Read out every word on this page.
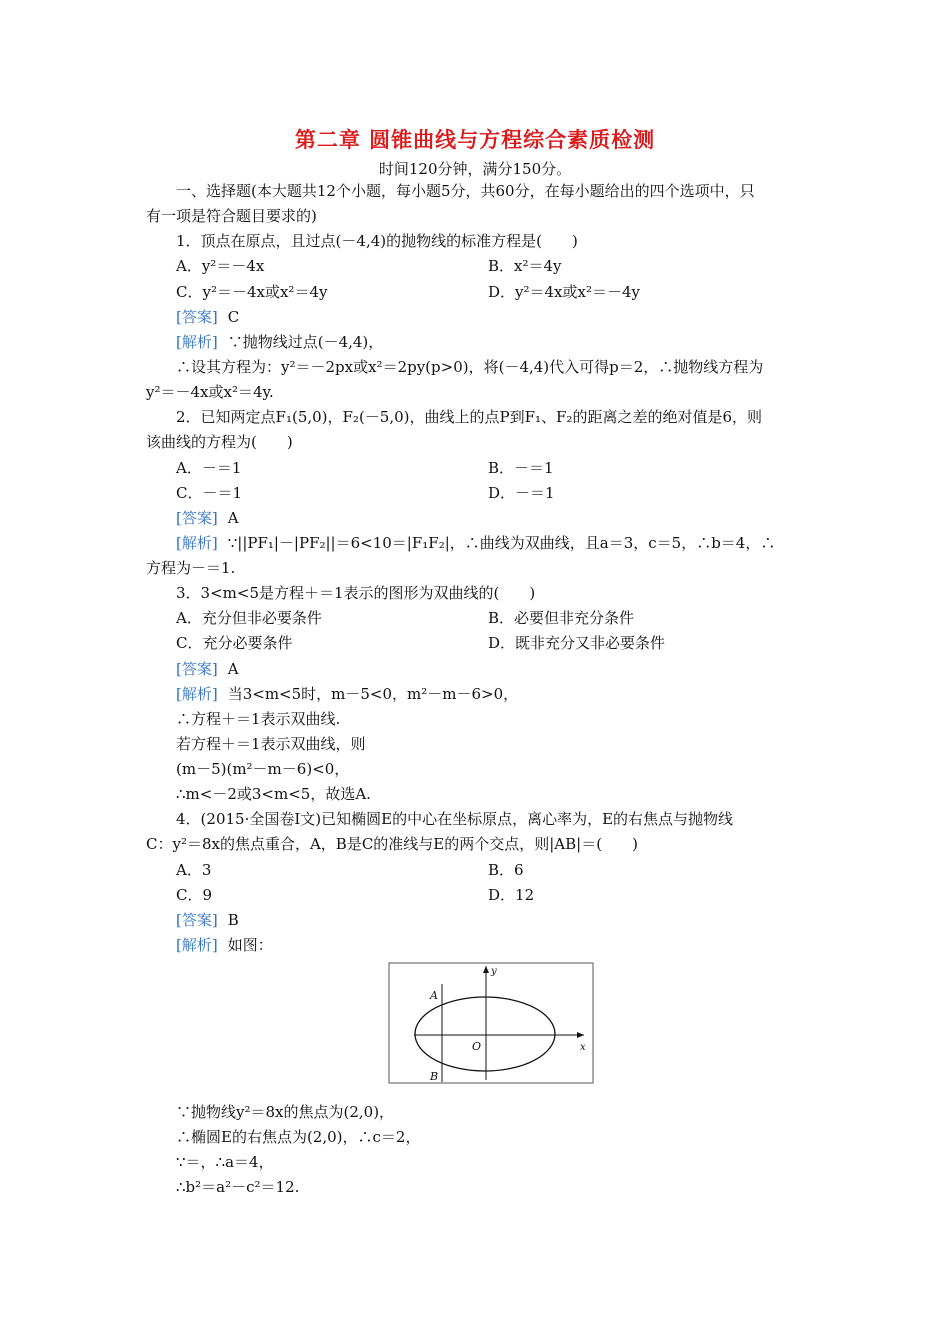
第二章 圆锥曲线与方程综合素质检测
时间120分钟，满分150分。
一、选择题(本大题共12个小题，每小题5分，共60分，在每小题给出的四个选项中，只
有一项是符合题目要求的)
1．顶点在原点，且过点(－4,4)的抛物线的标准方程是(　　)
A．y²＝－4x	B．x²＝4y
C．y²＝－4x或x²＝4y	D．y²＝4x或x²＝－4y
[答案] C
[解析] ∵抛物线过点(－4,4)，
∴设其方程为：y²＝－2px或x²＝2py(p>0)，将(－4,4)代入可得p＝2，∴抛物线方程为
y²＝－4x或x²＝4y.
2．已知两定点F₁(5,0)，F₂(－5,0)，曲线上的点P到F₁、F₂的距离之差的绝对值是6，则
该曲线的方程为(　　)
A．－＝1	B．－＝1
C．－＝1	D．－＝1
[答案] A
[解析] ∵||PF₁|－|PF₂||＝6<10＝|F₁F₂|，∴曲线为双曲线，且a＝3，c＝5，∴b＝4，∴
方程为－＝1.
3．3<m<5是方程＋＝1表示的图形为双曲线的(　　)
A．充分但非必要条件	B．必要但非充分条件
C．充分必要条件	D．既非充分又非必要条件
[答案] A
[解析] 当3<m<5时，m－5<0，m²－m－6>0，
∴方程＋＝1表示双曲线.
若方程＋＝1表示双曲线，则
(m－5)(m²－m－6)<0，
∴m<－2或3<m<5，故选A.
4．(2015·全国卷Ⅰ文)已知椭圆E的中心在坐标原点，离心率为，E的右焦点与抛物线
C：y²＝8x的焦点重合，A，B是C的准线与E的两个交点，则|AB|＝(　　)
A．3	B．6
C．9	D．12
[答案] B
[解析] 如图：
A
B
O	x
y
∵抛物线y²＝8x的焦点为(2,0)，
∴椭圆E的右焦点为(2,0)，∴c＝2，
∵＝，∴a＝4，
∴b²＝a²－c²＝12.
